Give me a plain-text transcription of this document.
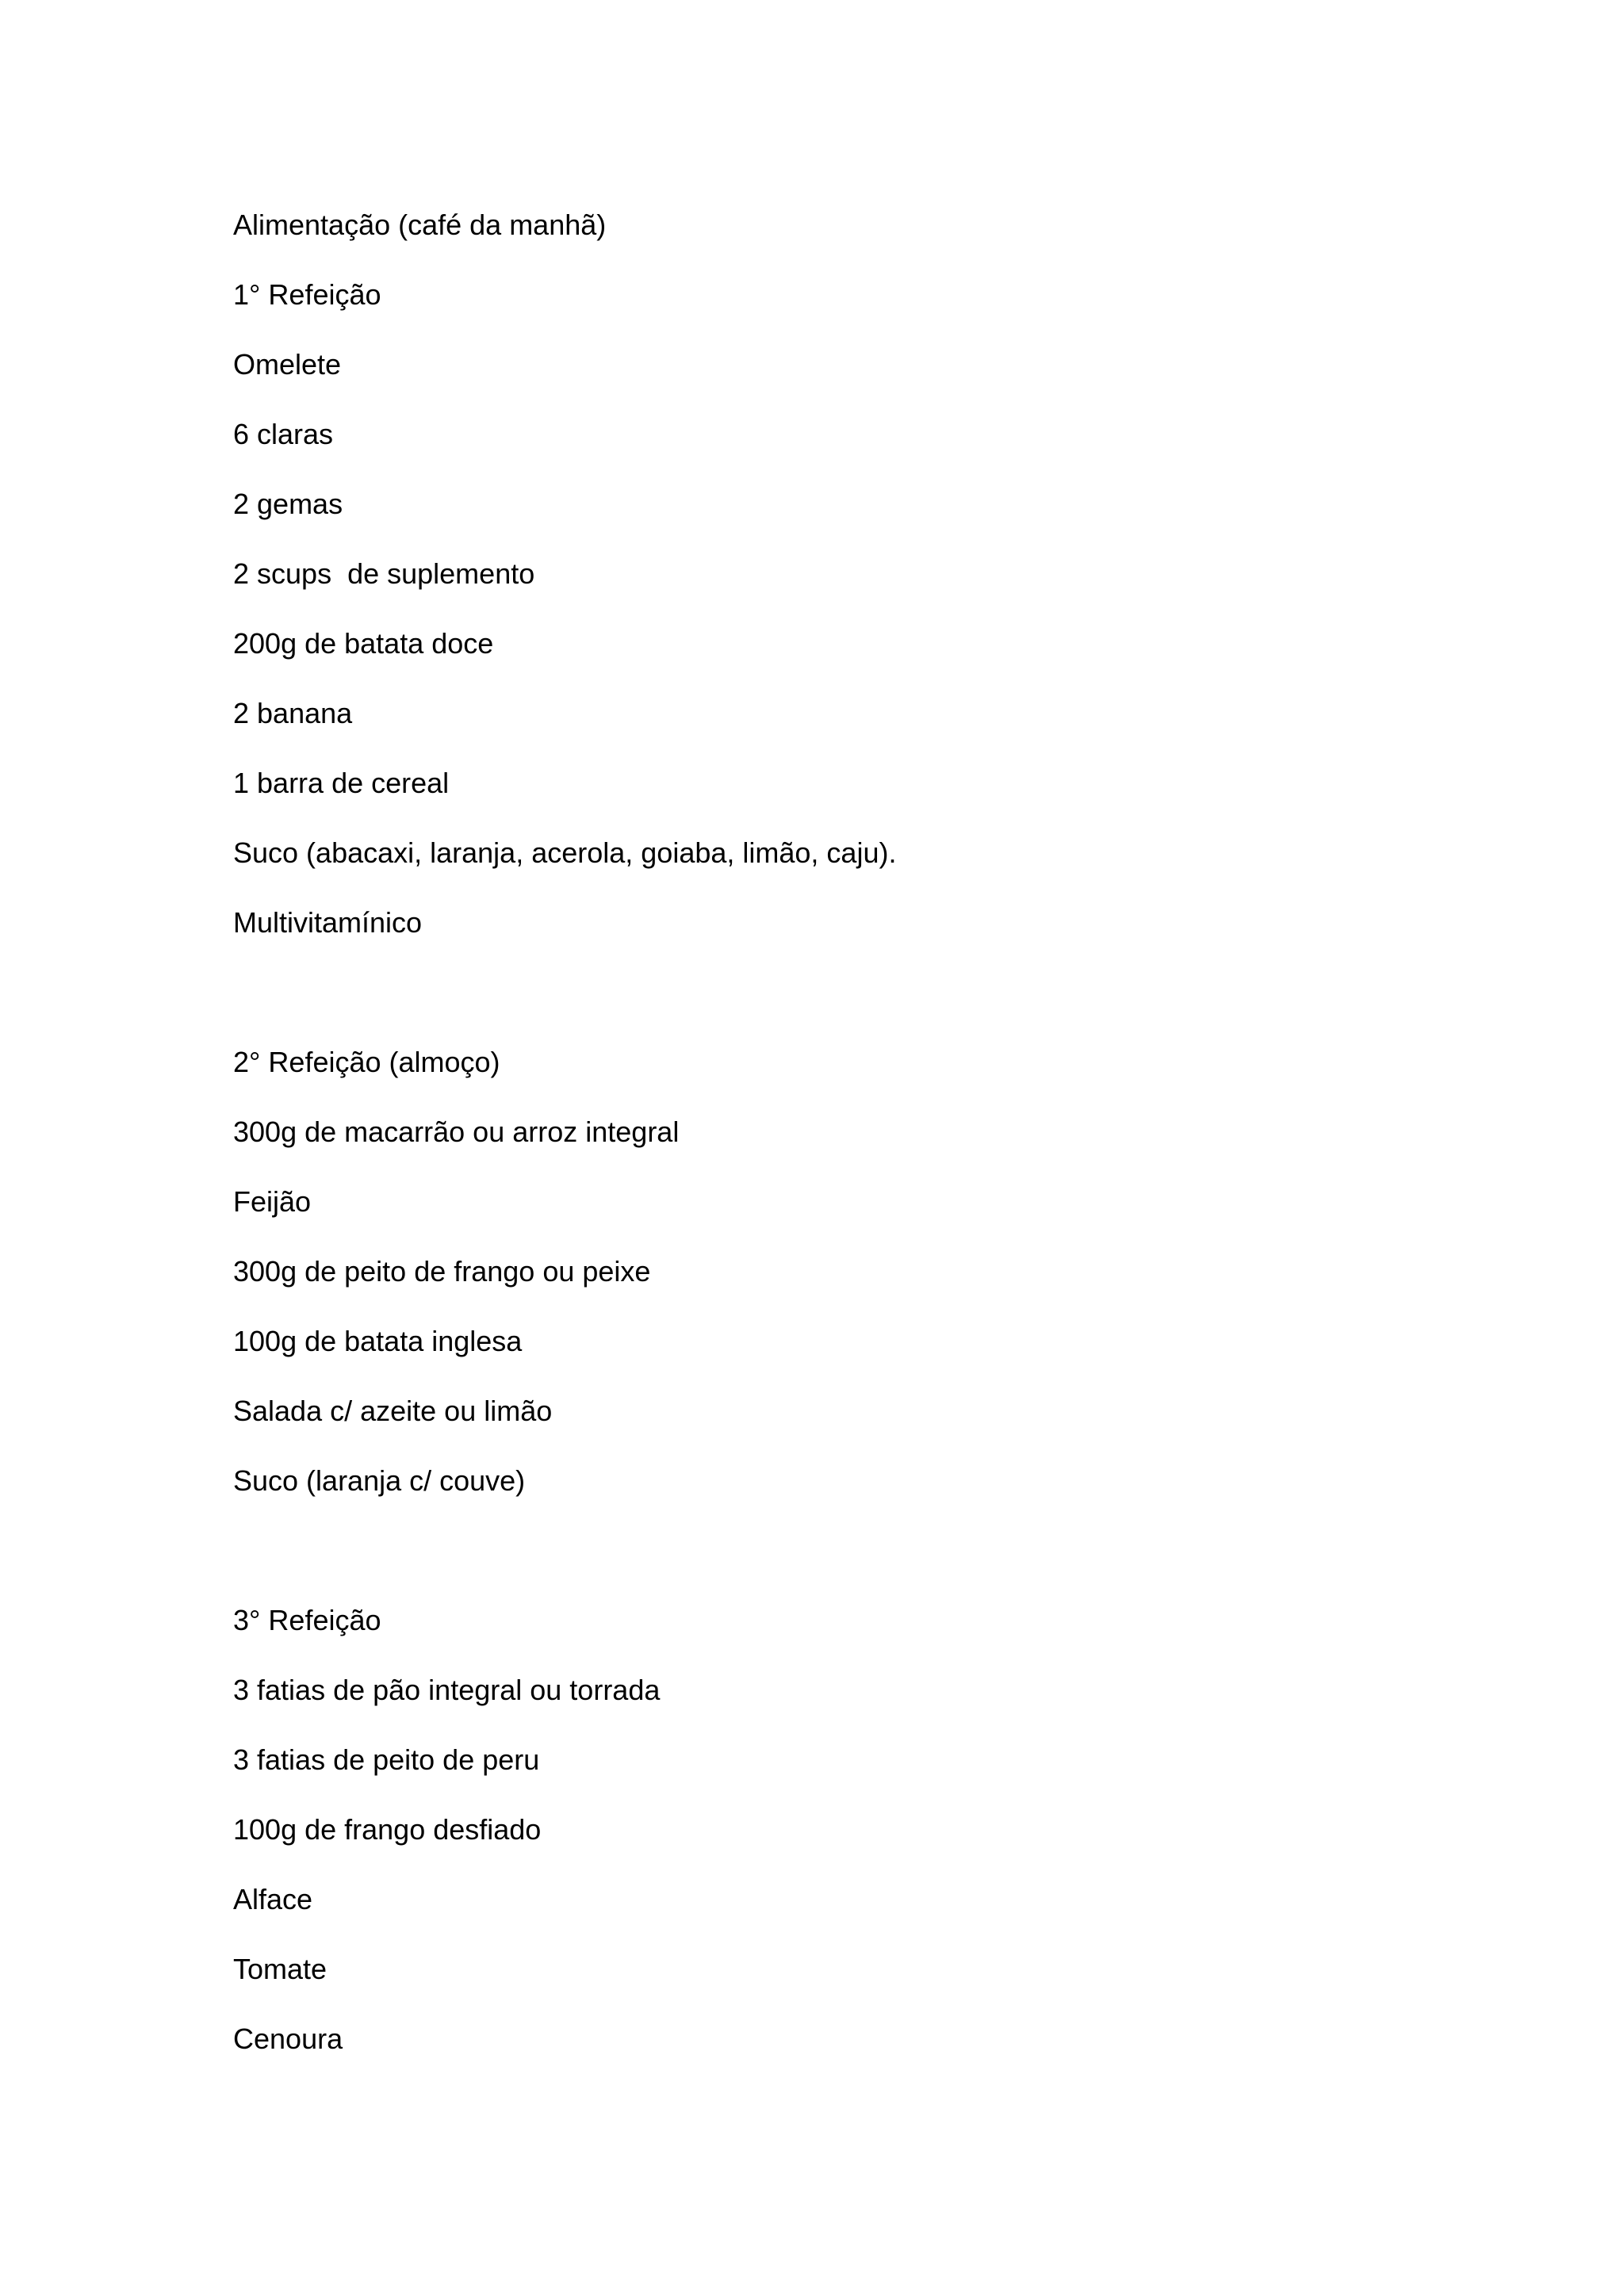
Alimentação (café da manhã)

1° Refeição

Omelete

6 claras

2 gemas

2 scups  de suplemento

200g de batata doce

2 banana

1 barra de cereal

Suco (abacaxi, laranja, acerola, goiaba, limão, caju).

Multivitamínico

2° Refeição (almoço)

300g de macarrão ou arroz integral

Feijão

300g de peito de frango ou peixe

100g de batata inglesa

Salada c/ azeite ou limão

Suco (laranja c/ couve)

3° Refeição

3 fatias de pão integral ou torrada

3 fatias de peito de peru

100g de frango desfiado

Alface

Tomate

Cenoura
